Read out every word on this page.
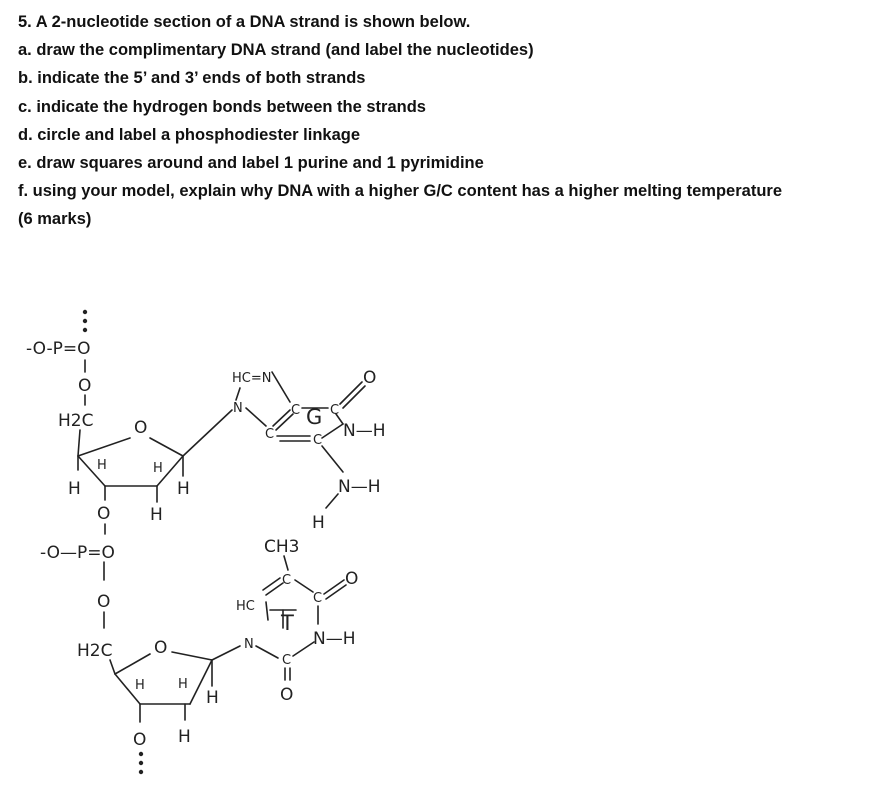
5. A 2-nucleotide section of a DNA strand is shown below.
a. draw the complimentary DNA strand (and label the nucleotides)
b. indicate the 5’ and 3’ ends of both strands
c. indicate the hydrogen bonds between the strands
d. circle and label a phosphodiester linkage
e. draw squares around and label 1 purine and 1 pyrimidine
f. using your model, explain why DNA with a higher G/C content has a higher melting temperature
(6 marks)
-O-P=O
O
H2C O
H
H	H
H
H
O
-O—P=O
O
H2C O
H	H
H
H
O
HC=N
N	C C
O
C
G
C N—H
N—H
H
CH3
C
HC
C
O
T
N—H
N
C
O
